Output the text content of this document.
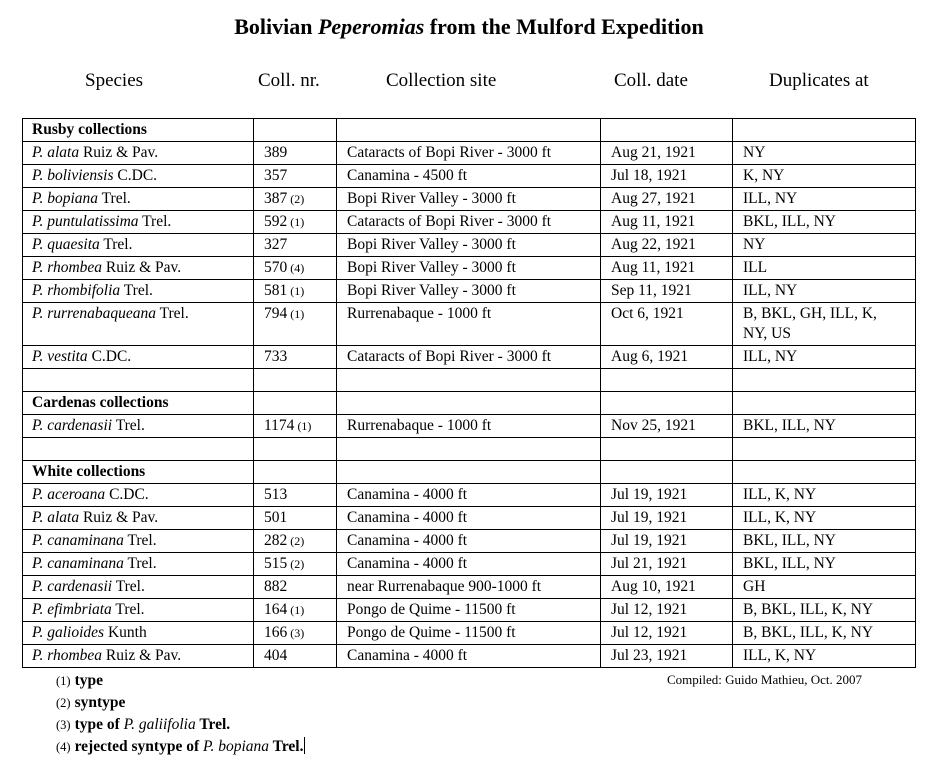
Bolivian Peperomias from the Mulford Expedition
Species	Coll. nr.	Collection site	Coll. date	Duplicates at
Rusby collections				
P. alata Ruiz & Pav.	389	Cataracts of Bopi River - 3000 ft	Aug 21, 1921	NY
P. boliviensis C.DC.	357	Canamina - 4500 ft	Jul 18, 1921	K, NY
P. bopiana Trel.	387 (2)	Bopi River Valley - 3000 ft	Aug 27, 1921	ILL, NY
P. puntulatissima Trel.	592 (1)	Cataracts of Bopi River - 3000 ft	Aug 11, 1921	BKL, ILL, NY
P. quaesita Trel.	327	Bopi River Valley - 3000 ft	Aug 22, 1921	NY
P. rhombea Ruiz & Pav.	570 (4)	Bopi River Valley - 3000 ft	Aug 11, 1921	ILL
P. rhombifolia Trel.	581 (1)	Bopi River Valley - 3000 ft	Sep 11, 1921	ILL, NY
P. rurrenabaqueana Trel.	794 (1)	Rurrenabaque - 1000 ft	Oct 6, 1921	B, BKL, GH, ILL, K, NY, US
P. vestita C.DC.	733	Cataracts of Bopi River - 3000 ft	Aug 6, 1921	ILL, NY

Cardenas collections				
P. cardenasii Trel.	1174 (1)	Rurrenabaque - 1000 ft	Nov 25, 1921	BKL, ILL, NY

White collections				
P. aceroana C.DC.	513	Canamina - 4000 ft	Jul 19, 1921	ILL, K, NY
P. alata Ruiz & Pav.	501	Canamina - 4000 ft	Jul 19, 1921	ILL, K, NY
P. canaminana Trel.	282 (2)	Canamina - 4000 ft	Jul 19, 1921	BKL, ILL, NY
P. canaminana Trel.	515 (2)	Canamina - 4000 ft	Jul 21, 1921	BKL, ILL, NY
P. cardenasii Trel.	882	near Rurrenabaque 900-1000 ft	Aug 10, 1921	GH
P. efimbriata Trel.	164 (1)	Pongo de Quime - 11500 ft	Jul 12, 1921	B, BKL, ILL, K, NY
P. galioides Kunth	166 (3)	Pongo de Quime - 11500 ft	Jul 12, 1921	B, BKL, ILL, K, NY
P. rhombea Ruiz & Pav.	404	Canamina - 4000 ft	Jul 23, 1921	ILL, K, NY
(1) type
(2) syntype
(3) type of P. galiifolia Trel.
(4) rejected syntype of P. bopiana Trel.
Compiled: Guido Mathieu, Oct. 2007
